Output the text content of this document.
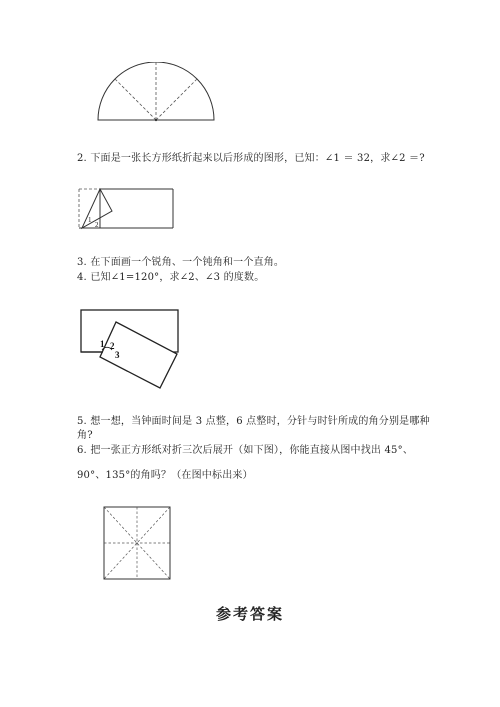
2. 下面是一张长方形纸折起来以后形成的图形，已知：∠1 ＝ 32，求∠2 ＝?
1
2
3. 在下面画一个锐角、一个钝角和一个直角。
4. 已知∠1=120°，求∠2、∠3 的度数。
1 2
3
5. 想一想，当钟面时间是 3 点整，6 点整时，分针与时针所成的角分别是哪种
角?
6. 把一张正方形纸对折三次后展开（如下图），你能直接从图中找出 45°、
90°、135°的角吗？（在图中标出来）
参考答案
